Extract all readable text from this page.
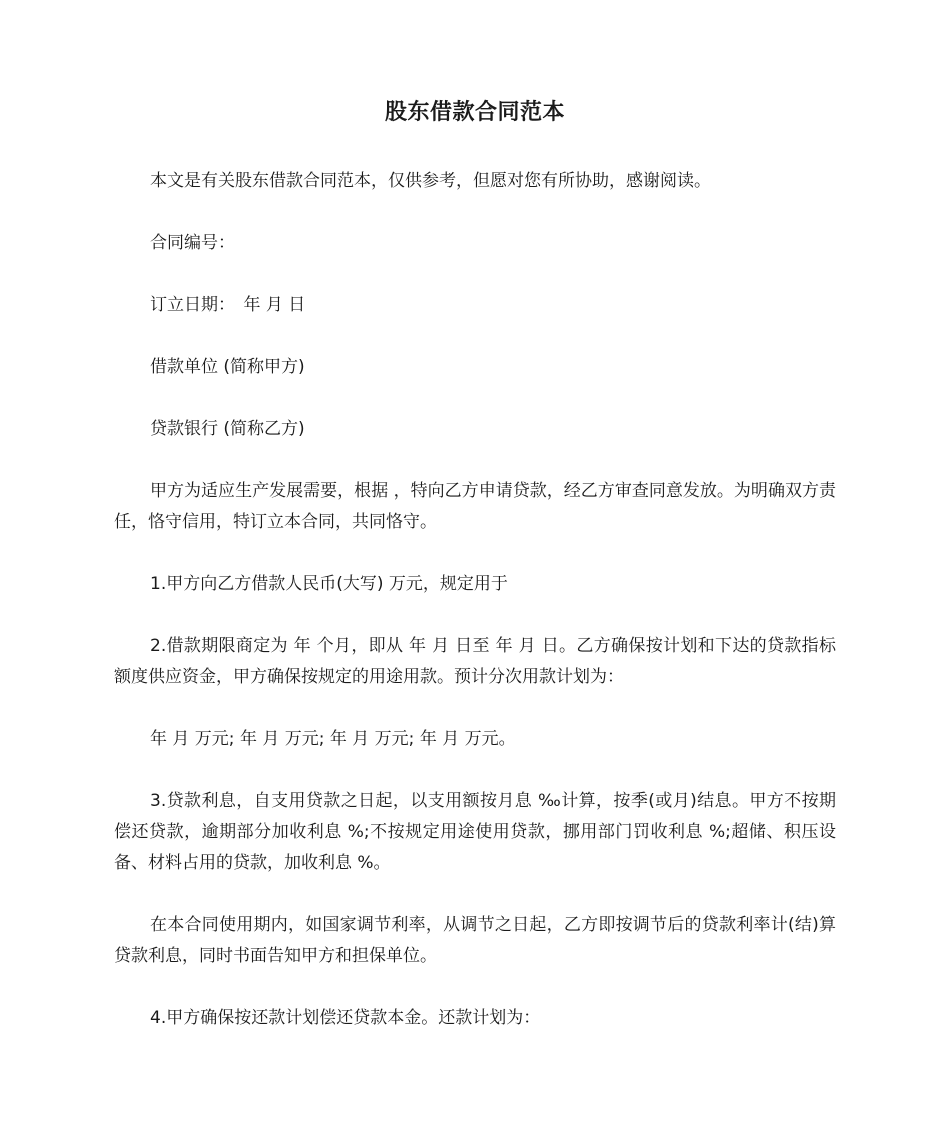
股东借款合同范本

本文是有关股东借款合同范本，仅供参考，但愿对您有所协助，感谢阅读。

合同编号：

订立日期：　年 月 日

借款单位 (简称甲方)

贷款银行 (简称乙方)

甲方为适应生产发展需要，根据 ，特向乙方申请贷款，经乙方审查同意发放。为明确双方责任，恪守信用，特订立本合同，共同恪守。

1.甲方向乙方借款人民币(大写) 万元，规定用于

2.借款期限商定为 年 个月，即从 年 月 日至 年 月 日。乙方确保按计划和下达的贷款指标额度供应资金，甲方确保按规定的用途用款。预计分次用款计划为：

年 月 万元; 年 月 万元; 年 月 万元; 年 月 万元。

3.贷款利息，自支用贷款之日起，以支用额按月息 ‰计算，按季(或月)结息。甲方不按期偿还贷款，逾期部分加收利息 %;不按规定用途使用贷款，挪用部门罚收利息 %;超储、积压设备、材料占用的贷款，加收利息 %。

在本合同使用期内，如国家调节利率，从调节之日起，乙方即按调节后的贷款利率计(结)算贷款利息，同时书面告知甲方和担保单位。

4.甲方确保按还款计划偿还贷款本金。还款计划为：
